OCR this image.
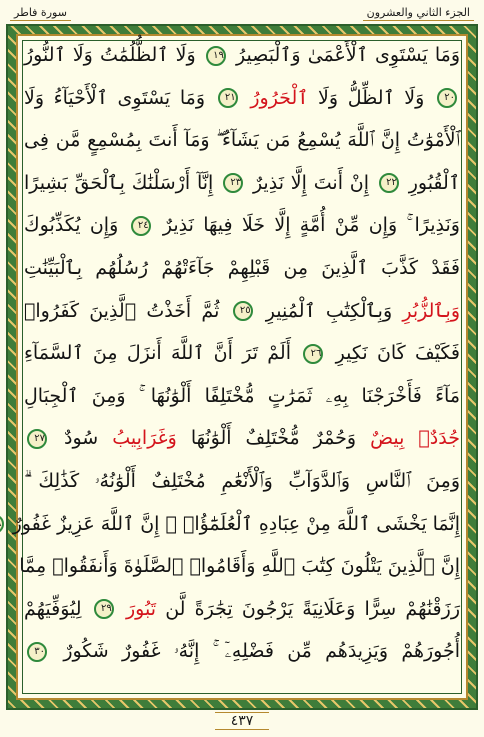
الجزء الثاني والعشرون
سورة فاطر
وَمَا يَسْتَوِى ٱلْأَعْمَىٰ وَٱلْبَصِيرُ ١٩ وَلَا ٱلظُّلُمَٰتُ وَلَا ٱلنُّورُ
٢٠ وَلَا ٱلظِّلُّ وَلَا ٱلْحَرُورُ ٢١ وَمَا يَسْتَوِى ٱلْأَحْيَآءُ وَلَا
ٱلْأَمْوَٰتُ إِنَّ ٱللَّهَ يُسْمِعُ مَن يَشَآءُ ۖ وَمَآ أَنتَ بِمُسْمِعٍ مَّن فِى
ٱلْقُبُورِ ٢٢ إِنْ أَنتَ إِلَّا نَذِيرٌ ٢٣ إِنَّآ أَرْسَلْنَٰكَ بِٱلْحَقِّ بَشِيرًا
وَنَذِيرًا ۚ وَإِن مِّنْ أُمَّةٍ إِلَّا خَلَا فِيهَا نَذِيرٌ ٢٤ وَإِن يُكَذِّبُوكَ
فَقَدْ كَذَّبَ ٱلَّذِينَ مِن قَبْلِهِمْ جَآءَتْهُمْ رُسُلُهُم بِٱلْبَيِّنَٰتِ
وَبِٱلزُّبُرِ وَبِٱلْكِتَٰبِ ٱلْمُنِيرِ ٢٥ ثُمَّ أَخَذْتُ ٱلَّذِينَ كَفَرُوا۟
فَكَيْفَ كَانَ نَكِيرِ ٢٦ أَلَمْ تَرَ أَنَّ ٱللَّهَ أَنزَلَ مِنَ ٱلسَّمَآءِ
مَآءً فَأَخْرَجْنَا بِهِۦ ثَمَرَٰتٍ مُّخْتَلِفًا أَلْوَٰنُهَا ۚ وَمِنَ ٱلْجِبَالِ
جُدَدٌۢ بِيضٌ وَحُمْرٌ مُّخْتَلِفٌ أَلْوَٰنُهَا وَغَرَابِيبُ سُودٌ ٢٧
وَمِنَ ٱلنَّاسِ وَٱلدَّوَآبِّ وَٱلْأَنْعَٰمِ مُخْتَلِفٌ أَلْوَٰنُهُۥ كَذَٰلِكَ ۗ
إِنَّمَا يَخْشَى ٱللَّهَ مِنْ عِبَادِهِ ٱلْعُلَمَٰٓؤُا۟ ۗ إِنَّ ٱللَّهَ عَزِيزٌ غَفُورٌ
إِنَّ ٱلَّذِينَ يَتْلُونَ كِتَٰبَ ٱللَّهِ وَأَقَامُوا۟ ٱلصَّلَوٰةَ وَأَنفَقُوا۟ مِمَّا
رَزَقْنَٰهُمْ سِرًّا وَعَلَانِيَةً يَرْجُونَ تِجَٰرَةً لَّن تَبُورَ ٢٩ لِيُوَفِّيَهُمْ
أُجُورَهُمْ وَيَزِيدَهُم مِّن فَضْلِهِۦٓ ۚ إِنَّهُۥ غَفُورٌ شَكُورٌ ٣٠
٤٣٧
